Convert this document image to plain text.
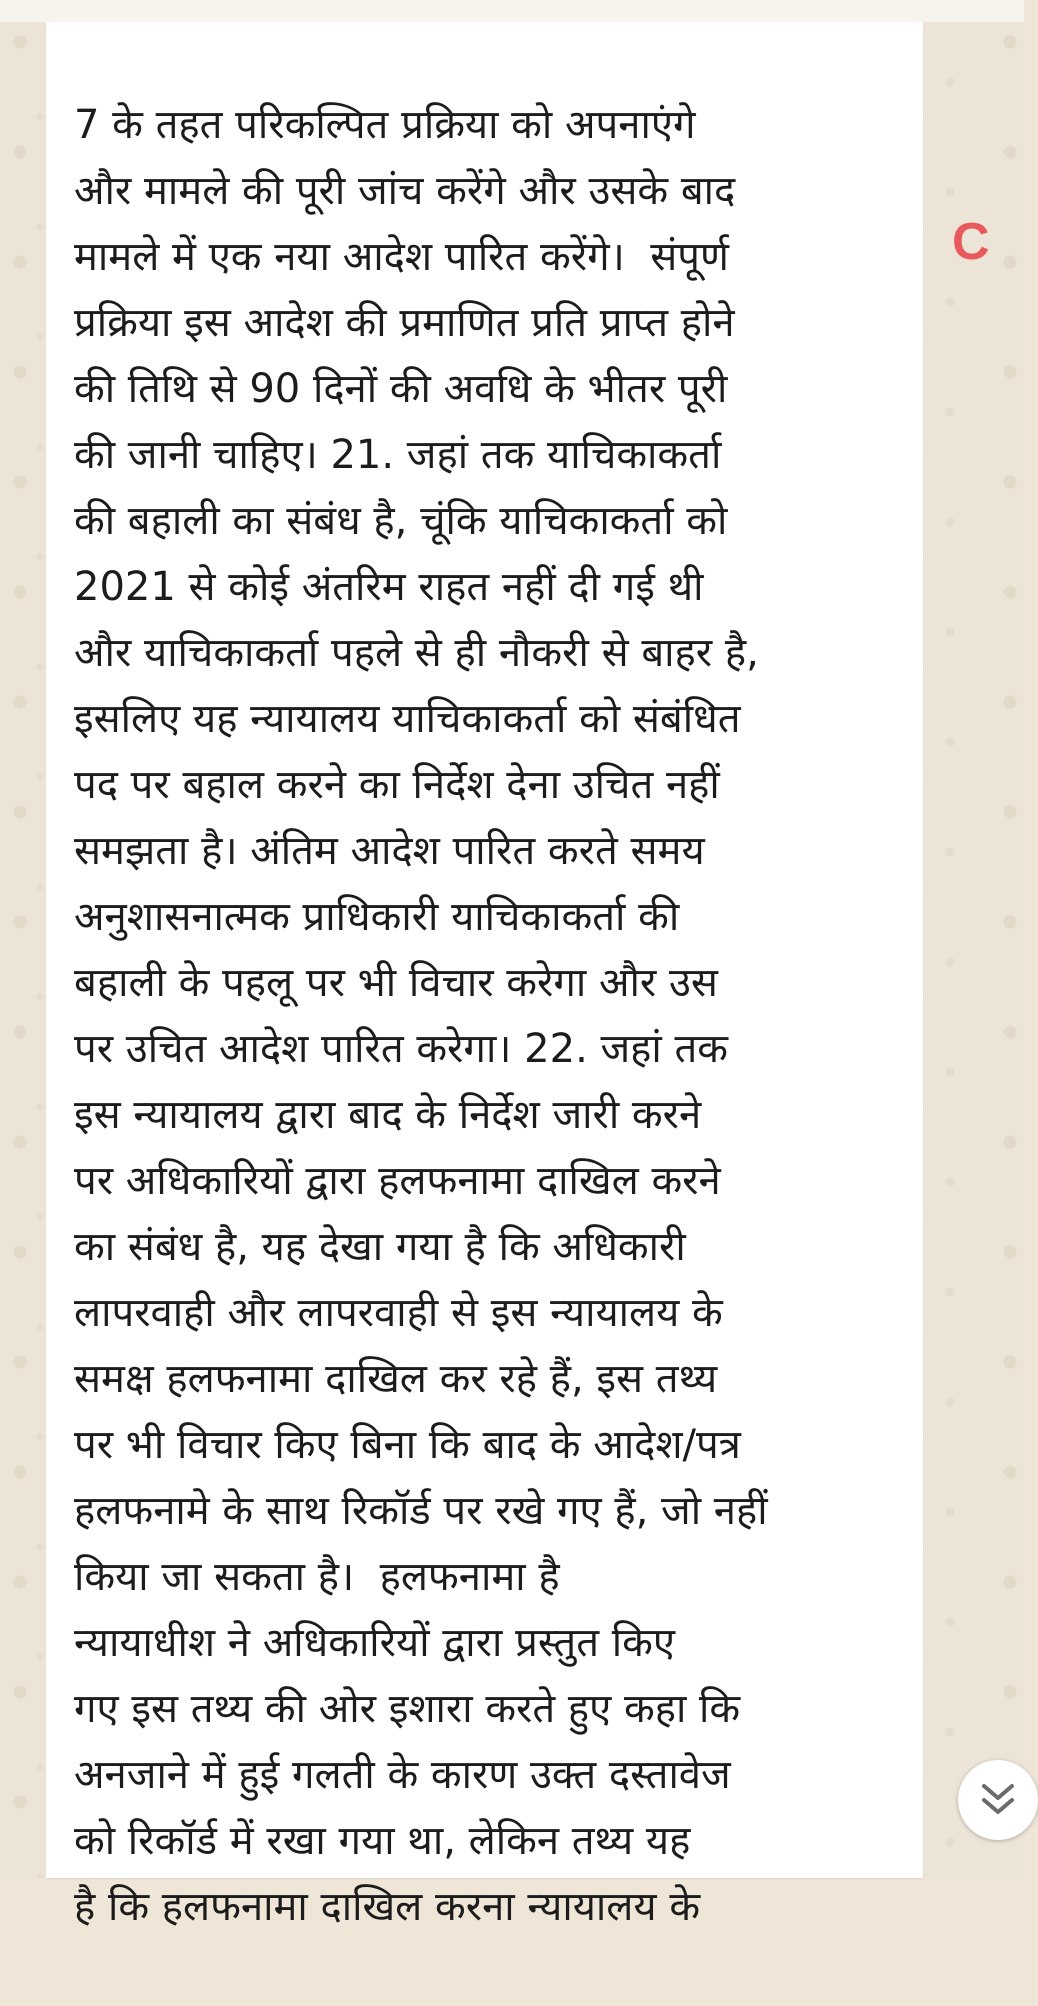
7 के तहत परिकल्पित प्रक्रिया को अपनाएंगे
और मामले की पूरी जांच करेंगे और उसके बाद
मामले में एक नया आदेश पारित करेंगे।  संपूर्ण
प्रक्रिया इस आदेश की प्रमाणित प्रति प्राप्त होने
की तिथि से 90 दिनों की अवधि के भीतर पूरी
की जानी चाहिए। 21. जहां तक याचिकाकर्ता
की बहाली का संबंध है, चूंकि याचिकाकर्ता को
2021 से कोई अंतरिम राहत नहीं दी गई थी
और याचिकाकर्ता पहले से ही नौकरी से बाहर है,
इसलिए यह न्यायालय याचिकाकर्ता को संबंधित
पद पर बहाल करने का निर्देश देना उचित नहीं
समझता है। अंतिम आदेश पारित करते समय
अनुशासनात्मक प्राधिकारी याचिकाकर्ता की
बहाली के पहलू पर भी विचार करेगा और उस
पर उचित आदेश पारित करेगा। 22. जहां तक
इस न्यायालय द्वारा बाद के निर्देश जारी करने
पर अधिकारियों द्वारा हलफनामा दाखिल करने
का संबंध है, यह देखा गया है कि अधिकारी
लापरवाही और लापरवाही से इस न्यायालय के
समक्ष हलफनामा दाखिल कर रहे हैं, इस तथ्य
पर भी विचार किए बिना कि बाद के आदेश/पत्र
हलफनामे के साथ रिकॉर्ड पर रखे गए हैं, जो नहीं
किया जा सकता है।  हलफनामा है
न्यायाधीश ने अधिकारियों द्वारा प्रस्तुत किए
गए इस तथ्य की ओर इशारा करते हुए कहा कि
अनजाने में हुई गलती के कारण उक्त दस्तावेज
को रिकॉर्ड में रखा गया था, लेकिन तथ्य यह
है कि हलफनामा दाखिल करना न्यायालय के

C
